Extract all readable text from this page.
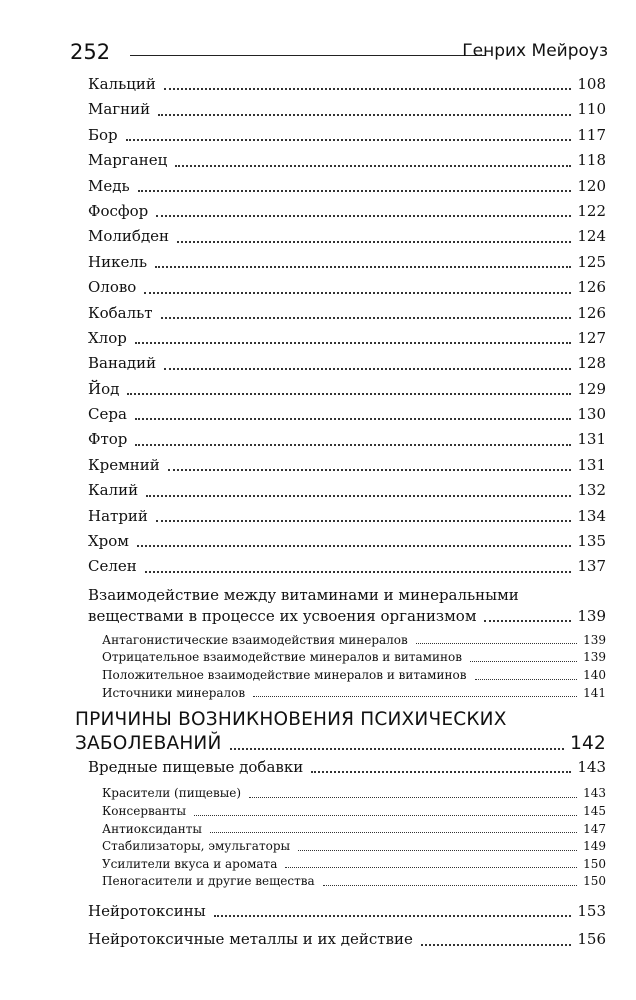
252	Генрих Мейроуз
Кальций	108
Магний	110
Бор	117
Марганец	118
Медь	120
Фосфор	122
Молибден	124
Никель	125
Олово	126
Кобальт	126
Хлор	127
Ванадий	128
Йод	129
Сера	130
Фтор	131
Кремний	131
Калий	132
Натрий	134
Хром	135
Селен	137
Взаимодействие между витаминами и минеральными
веществами в процессе их усвоения организмом	139
Антагонистические взаимодействия минералов	139
Отрицательное взаимодействие минералов и витаминов	139
Положительное взаимодействие минералов и витаминов	140
Источники минералов	141
ПРИЧИНЫ ВОЗНИКНОВЕНИЯ ПСИХИЧЕСКИХ
ЗАБОЛЕВАНИЙ	142
Вредные пищевые добавки	143
Красители (пищевые)	143
Консерванты	145
Антиоксиданты	147
Стабилизаторы, эмульгаторы	149
Усилители вкуса и аромата	150
Пеногасители и другие вещества	150
Нейротоксины	153
Нейротоксичные металлы и их действие	156
